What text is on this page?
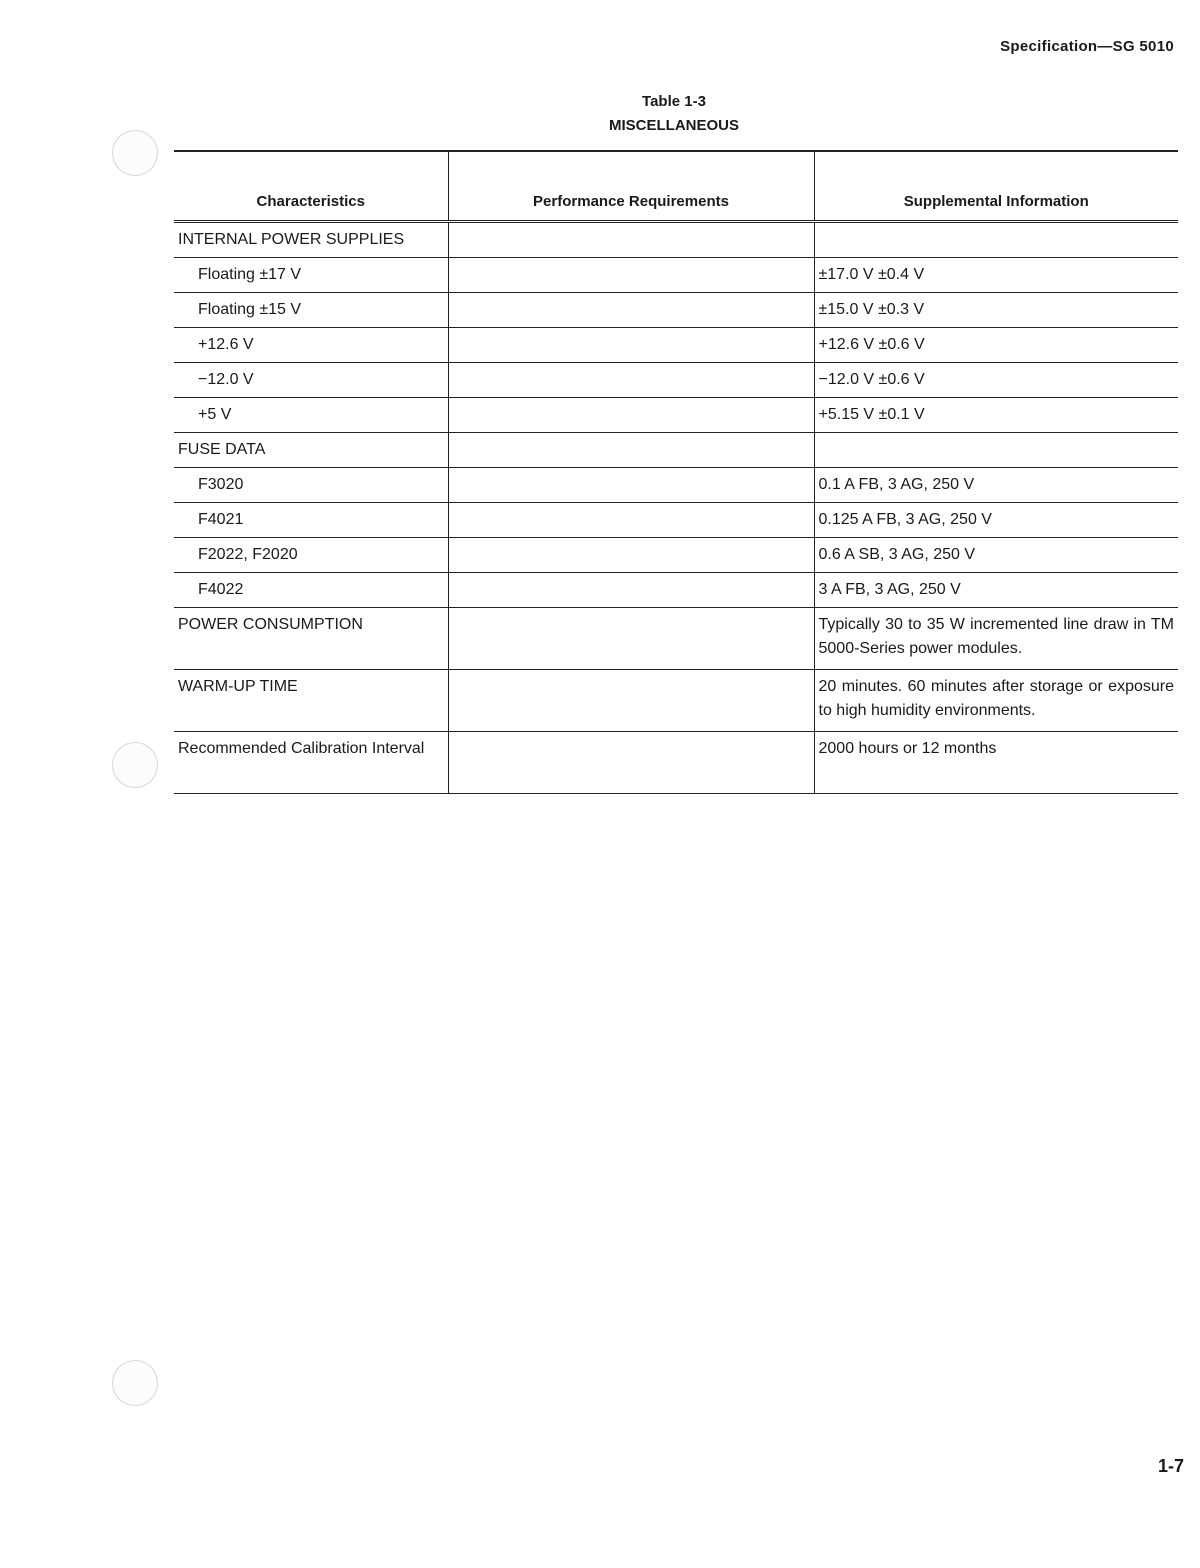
Specification—SG 5010
Table 1-3
MISCELLANEOUS
Characteristics	Performance Requirements	Supplemental Information
INTERNAL POWER SUPPLIES		
Floating ±17 V		±17.0 V ±0.4 V
Floating ±15 V		±15.0 V ±0.3 V
+12.6 V		+12.6 V ±0.6 V
−12.0 V		−12.0 V ±0.6 V
+5 V		+5.15 V ±0.1 V
FUSE DATA		
F3020		0.1 A FB, 3 AG, 250 V
F4021		0.125 A FB, 3 AG, 250 V
F2022, F2020		0.6 A SB, 3 AG, 250 V
F4022		3 A FB, 3 AG, 250 V
POWER CONSUMPTION		Typically 30 to 35 W incremented line draw in TM 5000-Series power modules.
WARM-UP TIME		20 minutes. 60 minutes after storage or exposure to high humidity environments.
Recommended Calibration Interval		2000 hours or 12 months
1-7
